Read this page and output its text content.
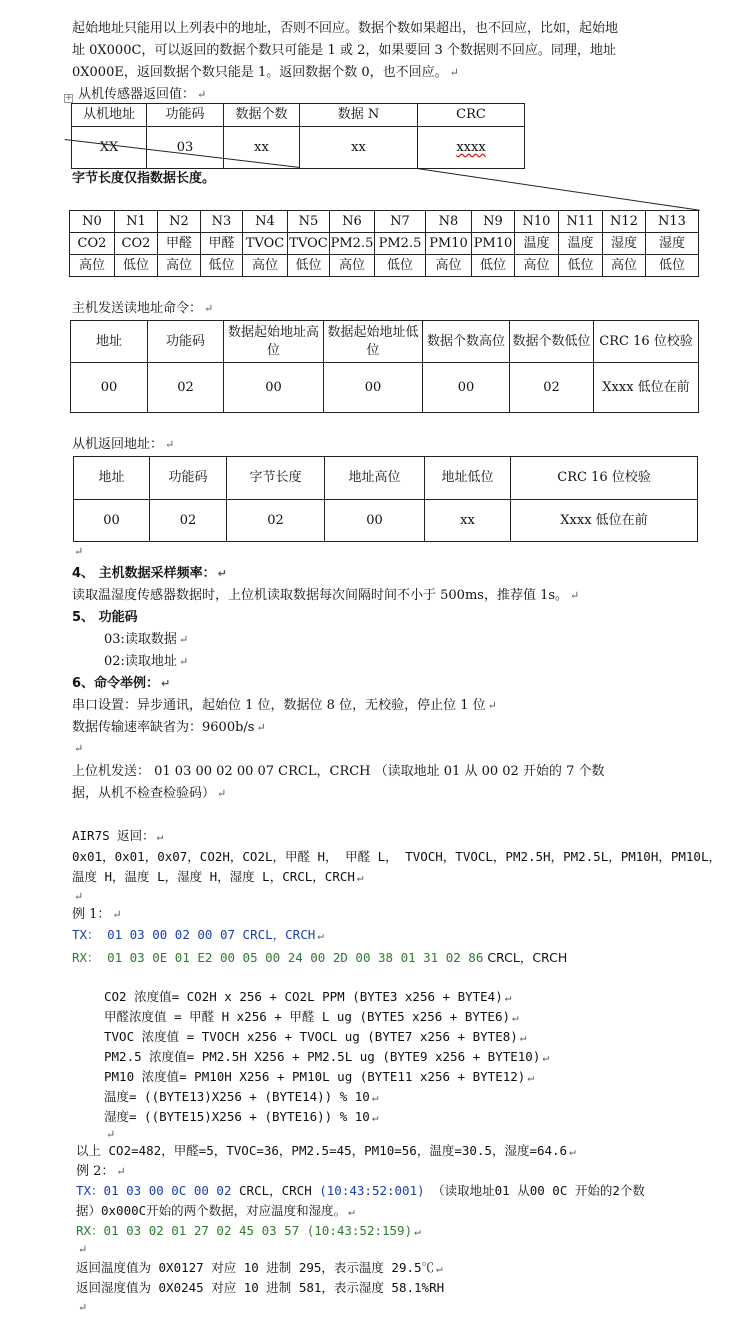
起始地址只能用以上列表中的地址，否则不回应。数据个数如果超出，也不回应，比如，起始地
址 0X000C，可以返回的数据个数只可能是 1 或 2，如果要回 3 个数据则不回应。同理，地址
0X000E，返回数据个数只能是 1。返回数据个数 0，也不回应。 ↵
从机传感器返回值： ↵
+
从机地址	功能码	数据个数	数据 N	CRC
XX	03	xx	xx	xxxx
字节长度仅指数据长度。
N0	N1	N2	N3	N4	N5	N6	N7	N8	N9	N10	N11	N12	N13
CO2	CO2	甲醛	甲醛	TVOC	TVOC	PM2.5	PM2.5	PM10	PM10	温度	温度	湿度	湿度
高位	低位	高位	低位	高位	低位	高位	低位	高位	低位	高位	低位	高位	低位
主机发送读地址命令： ↵
地址	功能码	数据起始地址高位	数据起始地址低位	数据个数高位	数据个数低位	CRC 16 位校验
00	02	00	00	00	02	Xxxx 低位在前
从机返回地址： ↵
地址	功能码	字节长度	地址高位	地址低位	CRC 16 位校验
00	02	02	00	xx	Xxxx 低位在前
↵
4、 主机数据采样频率： ↵
读取温湿度传感器数据时，上位机读取数据每次间隔时间不小于 500ms，推荐值 1s。 ↵
5、 功能码
03:读取数据 ↵
02:读取地址 ↵
6、命令举例： ↵
串口设置：异步通讯，起始位 1 位，数据位 8 位，无校验，停止位 1 位 ↵
数据传输速率缺省为：9600b/s ↵
↵
上位机发送： 01 03 00 02 00 07 CRCL，CRCH （读取地址 01 从 00 02 开始的 7 个数
据，从机不检查检验码） ↵
AIR7S 返回： ↵
0x01，0x01，0x07，CO2H，CO2L，甲醛 H， 甲醛 L， TVOCH，TVOCL，PM2.5H，PM2.5L，PM10H，PM10L，
温度 H，温度 L，湿度 H，湿度 L，CRCL，CRCH ↵
↵
例 1： ↵
TX： 01 03 00 02 00 07 CRCL，CRCH ↵
RX： 01 03 0E 01 E2 00 05 00 24 00 2D 00 38 01 31 02 86 CRCL，CRCH
CO2 浓度值= CO2H x 256 + CO2L PPM (BYTE3 x256 + BYTE4) ↵
甲醛浓度值 = 甲醛 H x256 + 甲醛 L ug (BYTE5 x256 + BYTE6) ↵
TVOC 浓度值 = TVOCH x256 + TVOCL ug (BYTE7 x256 + BYTE8) ↵
PM2.5 浓度值= PM2.5H X256 + PM2.5L ug (BYTE9 x256 + BYTE10) ↵
PM10 浓度值= PM10H X256 + PM10L ug (BYTE11 x256 + BYTE12) ↵
温度= ((BYTE13)X256 + (BYTE14)) % 10 ↵
湿度= ((BYTE15)X256 + (BYTE16)) % 10 ↵
↵
以上 CO2=482，甲醛=5，TVOC=36，PM2.5=45，PM10=56，温度=30.5，湿度=64.6 ↵
例 2： ↵
TX：01 03 00 0C 00 02 CRCL，CRCH (10:43:52:001) （读取地址01 从00 0C 开始的2个数
据）0x000C开始的两个数据，对应温度和湿度。 ↵
RX：01 03 02 01 27 02 45 03 57 (10:43:52:159) ↵
↵
返回温度值为 0X0127 对应 10 进制 295，表示温度 29.5℃ ↵
返回湿度值为 0X0245 对应 10 进制 581，表示湿度 58.1%RH
↵
